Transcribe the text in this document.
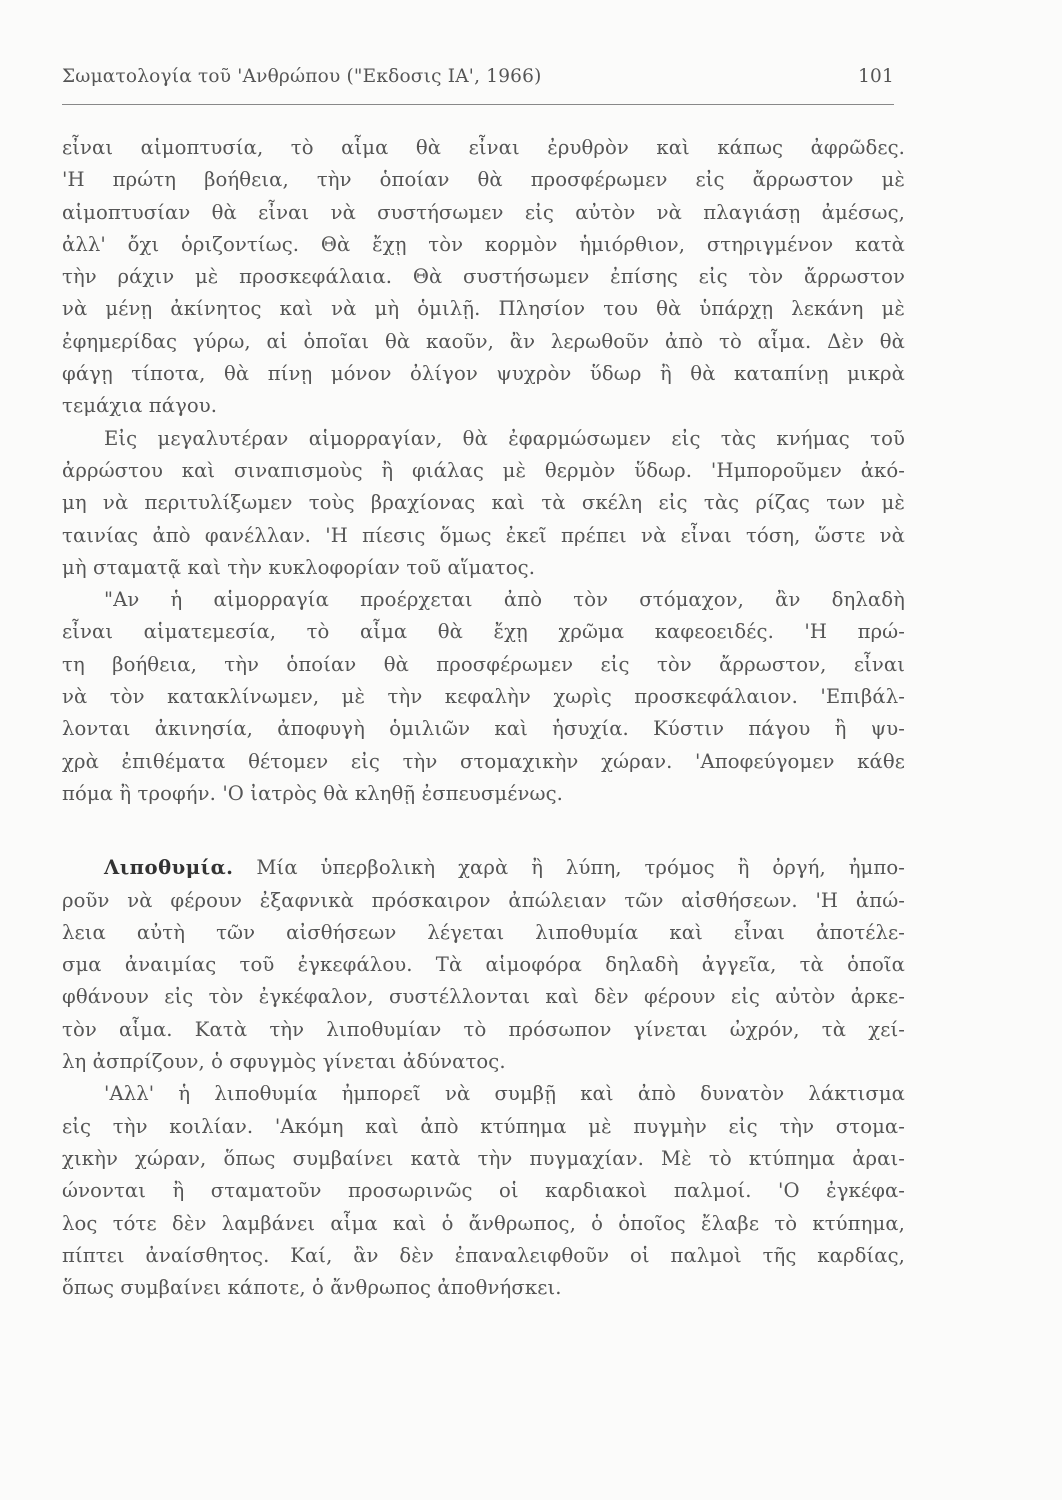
Σωματολογία τοῦ 'Ανθρώπου ("Εκδοσις ΙΑ', 1966)	101
εἶναι αἱμοπτυσία, τὸ αἷμα θὰ εἶναι ἐρυθρὸν καὶ κάπως ἀφρῶδες.
'Η πρώτη βοήθεια, τὴν ὁποίαν θὰ προσφέρωμεν εἰς ἄρρωστον μὲ
αἱμοπτυσίαν θὰ εἶναι νὰ συστήσωμεν εἰς αὐτὸν νὰ πλαγιάσῃ ἀμέσως,
ἀλλ' ὄχι ὁριζοντίως. Θὰ ἔχῃ τὸν κορμὸν ἡμιόρθιον, στηριγμένον κατὰ
τὴν ράχιν μὲ προσκεφάλαια. Θὰ συστήσωμεν ἐπίσης εἰς τὸν ἄρρωστον
νὰ μένῃ ἀκίνητος καὶ νὰ μὴ ὁμιλῇ. Πλησίον του θὰ ὑπάρχῃ λεκάνη μὲ
ἐφημερίδας γύρω, αἱ ὁποῖαι θὰ καοῦν, ἂν λερωθοῦν ἀπὸ τὸ αἷμα. Δὲν θὰ
φάγῃ τίποτα, θὰ πίνῃ μόνον ὀλίγον ψυχρὸν ὕδωρ ἢ θὰ καταπίνῃ μικρὰ
τεμάχια πάγου.
Εἰς μεγαλυτέραν αἱμορραγίαν, θὰ ἐφαρμώσωμεν εἰς τὰς κνήμας τοῦ
ἀρρώστου καὶ σιναπισμοὺς ἢ φιάλας μὲ θερμὸν ὕδωρ. 'Ημποροῦμεν ἀκό-
μη νὰ περιτυλίξωμεν τοὺς βραχίονας καὶ τὰ σκέλη εἰς τὰς ρίζας των μὲ
ταινίας ἀπὸ φανέλλαν. 'Η πίεσις ὅμως ἐκεῖ πρέπει νὰ εἶναι τόση, ὥστε νὰ
μὴ σταματᾷ καὶ τὴν κυκλοφορίαν τοῦ αἵματος.
"Αν ἡ αἱμορραγία προέρχεται ἀπὸ τὸν στόμαχον, ἂν δηλαδὴ
εἶναι αἱματεμεσία, τὸ αἷμα θὰ ἔχῃ χρῶμα καφεοειδές. 'Η πρώ-
τη βοήθεια, τὴν ὁποίαν θὰ προσφέρωμεν εἰς τὸν ἄρρωστον, εἶναι
νὰ τὸν κατακλίνωμεν, μὲ τὴν κεφαλὴν χωρὶς προσκεφάλαιον. 'Επιβάλ-
λονται ἀκινησία, ἀποφυγὴ ὁμιλιῶν καὶ ἡσυχία. Κύστιν πάγου ἢ ψυ-
χρὰ ἐπιθέματα θέτομεν εἰς τὴν στομαχικὴν χώραν. 'Αποφεύγομεν κάθε
πόμα ἢ τροφήν. 'Ο ἰατρὸς θὰ κληθῇ ἐσπευσμένως.
Λιποθυμία. Μία ὑπερβολικὴ χαρὰ ἢ λύπη, τρόμος ἢ ὀργή, ἠμπο-
ροῦν νὰ φέρουν ἐξαφνικὰ πρόσκαιρον ἀπώλειαν τῶν αἰσθήσεων. 'Η ἀπώ-
λεια αὐτὴ τῶν αἰσθήσεων λέγεται λιποθυμία καὶ εἶναι ἀποτέλε-
σμα ἀναιμίας τοῦ ἐγκεφάλου. Τὰ αἱμοφόρα δηλαδὴ ἀγγεῖα, τὰ ὁποῖα
φθάνουν εἰς τὸν ἐγκέφαλον, συστέλλονται καὶ δὲν φέρουν εἰς αὐτὸν ἀρκε-
τὸν αἷμα. Κατὰ τὴν λιποθυμίαν τὸ πρόσωπον γίνεται ὠχρόν, τὰ χεί-
λη ἀσπρίζουν, ὁ σφυγμὸς γίνεται ἀδύνατος.
'Αλλ' ἡ λιποθυμία ἠμπορεῖ νὰ συμβῇ καὶ ἀπὸ δυνατὸν λάκτισμα
εἰς τὴν κοιλίαν. 'Ακόμη καὶ ἀπὸ κτύπημα μὲ πυγμὴν εἰς τὴν στομα-
χικὴν χώραν, ὅπως συμβαίνει κατὰ τὴν πυγμαχίαν. Μὲ τὸ κτύπημα ἀραι-
ώνονται ἢ σταματοῦν προσωρινῶς οἱ καρδιακοὶ παλμοί. 'Ο ἐγκέφα-
λος τότε δὲν λαμβάνει αἷμα καὶ ὁ ἄνθρωπος, ὁ ὁποῖος ἔλαβε τὸ κτύπημα,
πίπτει ἀναίσθητος. Καί, ἂν δὲν ἐπαναλειφθοῦν οἱ παλμοὶ τῆς καρδίας,
ὅπως συμβαίνει κάποτε, ὁ ἄνθρωπος ἀποθνήσκει.
